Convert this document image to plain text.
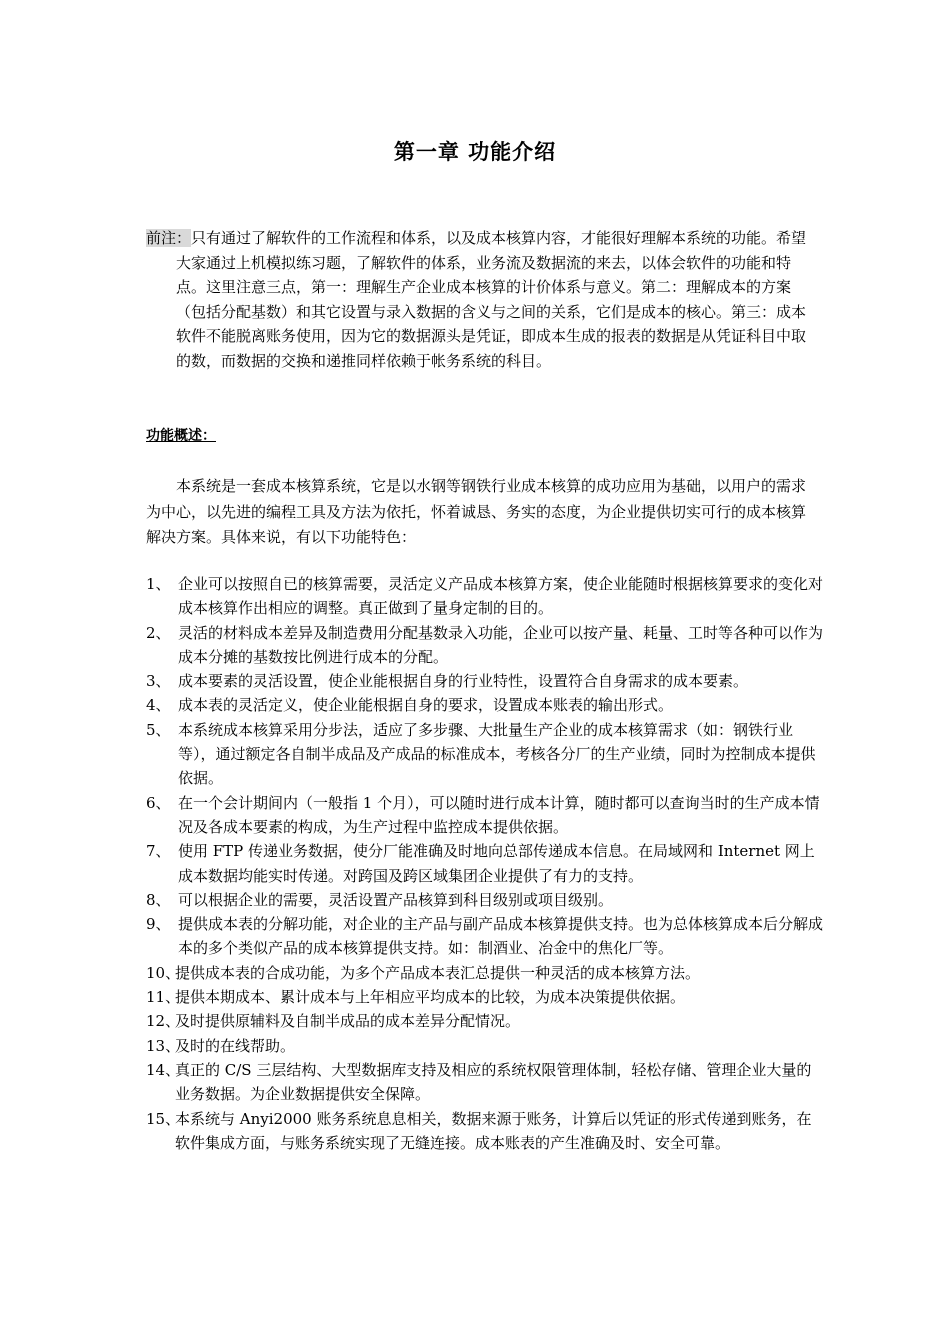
第一章 功能介绍
前注：只有通过了解软件的工作流程和体系，以及成本核算内容，才能很好理解本系统的功能。希望大家通过上机模拟练习题，了解软件的体系，业务流及数据流的来去，以体会软件的功能和特点。这里注意三点，第一：理解生产企业成本核算的计价体系与意义。第二：理解成本的方案（包括分配基数）和其它设置与录入数据的含义与之间的关系，它们是成本的核心。第三：成本软件不能脱离账务使用，因为它的数据源头是凭证，即成本生成的报表的数据是从凭证科目中取的数，而数据的交换和递推同样依赖于帐务系统的科目。
功能概述：
本系统是一套成本核算系统，它是以水钢等钢铁行业成本核算的成功应用为基础，以用户的需求为中心，以先进的编程工具及方法为依托，怀着诚恳、务实的态度，为企业提供切实可行的成本核算解决方案。具体来说，有以下功能特色：
1、 企业可以按照自已的核算需要，灵活定义产品成本核算方案，使企业能随时根据核算要求的变化对成本核算作出相应的调整。真正做到了量身定制的目的。
2、 灵活的材料成本差异及制造费用分配基数录入功能，企业可以按产量、耗量、工时等各种可以作为成本分摊的基数按比例进行成本的分配。
3、 成本要素的灵活设置，使企业能根据自身的行业特性，设置符合自身需求的成本要素。
4、 成本表的灵活定义，使企业能根据自身的要求，设置成本账表的输出形式。
5、 本系统成本核算采用分步法，适应了多步骤、大批量生产企业的成本核算需求（如：钢铁行业等），通过额定各自制半成品及产成品的标准成本，考核各分厂的生产业绩，同时为控制成本提供依据。
6、 在一个会计期间内（一般指 1 个月），可以随时进行成本计算，随时都可以查询当时的生产成本情况及各成本要素的构成，为生产过程中监控成本提供依据。
7、 使用 FTP 传递业务数据，使分厂能准确及时地向总部传递成本信息。在局域网和 Internet 网上成本数据均能实时传递。对跨国及跨区域集团企业提供了有力的支持。
8、 可以根据企业的需要，灵活设置产品核算到科目级别或项目级别。
9、 提供成本表的分解功能，对企业的主产品与副产品成本核算提供支持。也为总体核算成本后分解成本的多个类似产品的成本核算提供支持。如：制酒业、冶金中的焦化厂等。
10、
提供成本表的合成功能，为多个产品成本表汇总提供一种灵活的成本核算方法。
11、
提供本期成本、累计成本与上年相应平均成本的比较，为成本决策提供依据。
12、
及时提供原辅料及自制半成品的成本差异分配情况。
13、
及时的在线帮助。
14、
真正的 C/S 三层结构、大型数据库支持及相应的系统权限管理体制，轻松存储、管理企业大量的业务数据。为企业数据提供安全保障。
15、
本系统与 Anyi2000 账务系统息息相关，数据来源于账务，计算后以凭证的形式传递到账务，在软件集成方面，与账务系统实现了无缝连接。成本账表的产生准确及时、安全可靠。
